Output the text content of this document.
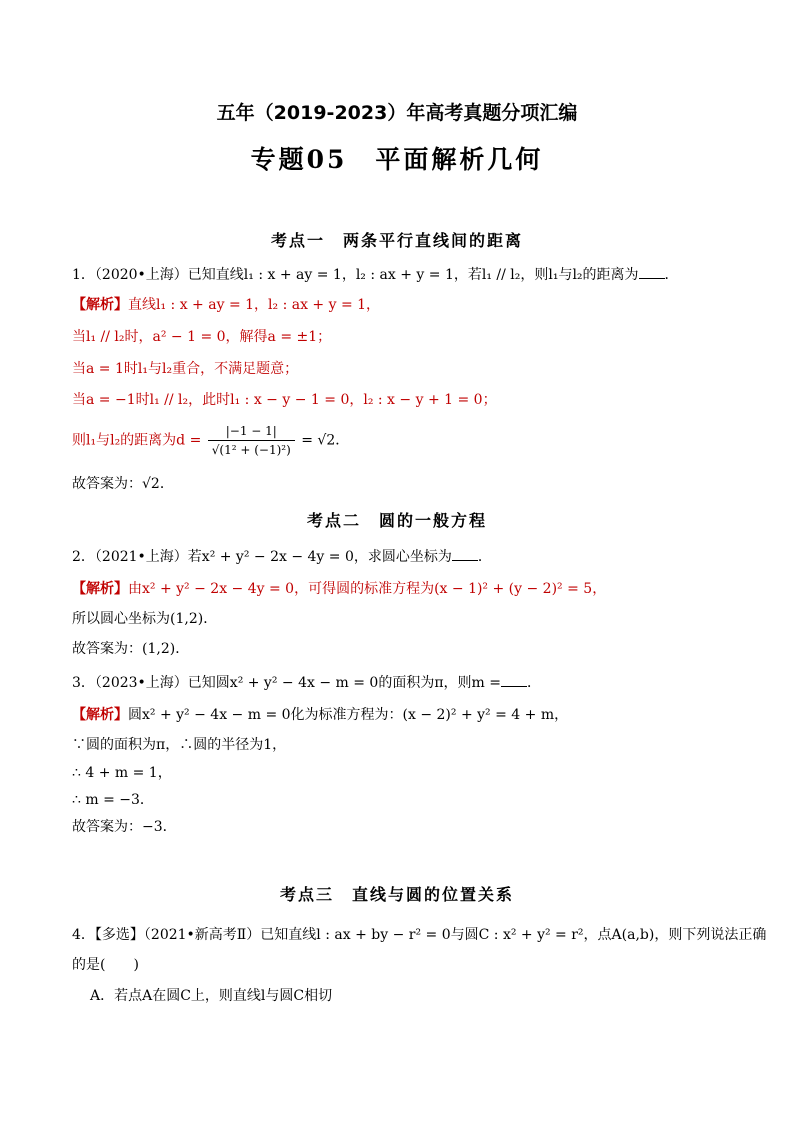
五年（2019-2023）年高考真题分项汇编
专题05　平面解析几何
考点一　两条平行直线间的距离
1．（2020•上海）已知直线l₁ : x + ay = 1，l₂ : ax + y = 1，若l₁ // l₂，则l₁与l₂的距离为 ．
【解析】直线l₁ : x + ay = 1，l₂ : ax + y = 1，
当l₁ // l₂时，a² − 1 = 0，解得a = ±1；
当a = 1时l₁与l₂重合，不满足题意；
当a = −1时l₁ // l₂，此时l₁ : x − y − 1 = 0，l₂ : x − y + 1 = 0；
则l₁与l₂的距离为$d = \frac{|-1 - 1|}{\text{√(1² + (−1)²)}} = √2$．
故答案为：√2．
考点二　圆的一般方程
2．（2021•上海）若x² + y² − 2x − 4y = 0，求圆心坐标为 ．
【解析】由x² + y² − 2x − 4y = 0，可得圆的标准方程为(x − 1)² + (y − 2)² = 5，
所以圆心坐标为(1,2)．
故答案为：(1,2)．
3．（2023•上海）已知圆x² + y² − 4x − m = 0的面积为π，则m = ．
【解析】圆x² + y² − 4x − m = 0化为标准方程为：(x − 2)² + y² = 4 + m，
∵圆的面积为π，∴圆的半径为1，
∴ 4 + m = 1，
∴ m = −3．
故答案为：−3．
考点三　直线与圆的位置关系
4．【多选】（2021•新高考Ⅱ）已知直线l : ax + by − r² = 0与圆C : x² + y² = r²，点A(a,b)，则下列说法正确
的是(　　)
A．若点A在圆C上，则直线l与圆C相切
